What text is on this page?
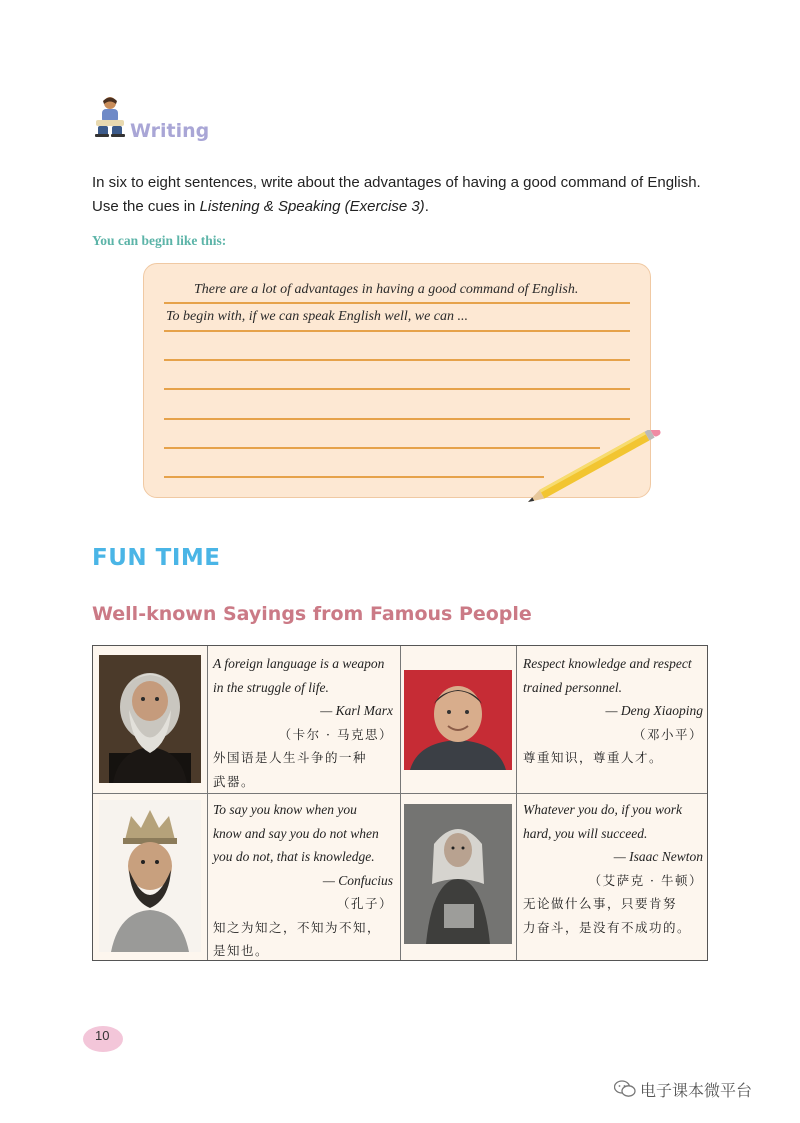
Writing
In six to eight sentences, write about the advantages of having a good command of English.
Use the cues in Listening & Speaking (Exercise 3).
You can begin like this:
There are a lot of advantages in having a good command of English.
To begin with, if we can speak English well, we can ...
FUN TIME
Well-known Sayings from Famous People
A foreign language is a weapon
in the struggle of life.
— Karl Marx
（卡尔 · 马克思）
外国语是人生斗争的一种
武器。
Respect knowledge and respect
trained personnel.
— Deng Xiaoping
（邓小平）
尊重知识，尊重人才。
To say you know when you
know and say you do not when
you do not, that is knowledge.
— Confucius
（孔子）
知之为知之，不知为不知，
是知也。
Whatever you do, if you work
hard, you will succeed.
— Isaac Newton
（艾萨克 · 牛顿）
无论做什么事，只要肯努
力奋斗，是没有不成功的。
10
电子课本微平台
